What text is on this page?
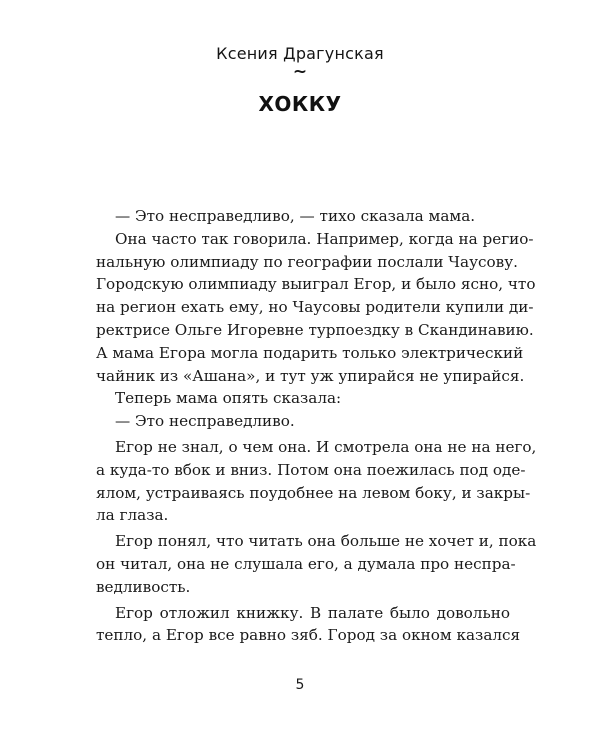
Ксения Драгунская
~
ХОККУ
— Это несправедливо, — тихо сказала мама.
Она часто так говорила. Например, когда на регио-
нальную олимпиаду по географии послали Чаусову.
Городскую олимпиаду выиграл Егор, и было ясно, что
на регион ехать ему, но Чаусовы родители купили ди-
ректрисе Ольге Игоревне турпоездку в Скандинавию.
А мама Егора могла подарить только электрический
чайник из «Ашана», и тут уж упирайся не упирайся.
Теперь мама опять сказала:
— Это несправедливо.
Егор не знал, о чем она. И смотрела она не на него,
а куда-то вбок и вниз. Потом она поежилась под оде-
ялом, устраиваясь поудобнее на левом боку, и закры-
ла глаза.
Егор понял, что читать она больше не хочет и, пока
он читал, она не слушала его, а думала про неспра-
ведливость.
Егор отложил книжку. В палате было довольно
тепло, а Егор все равно зяб. Город за окном казался
5
